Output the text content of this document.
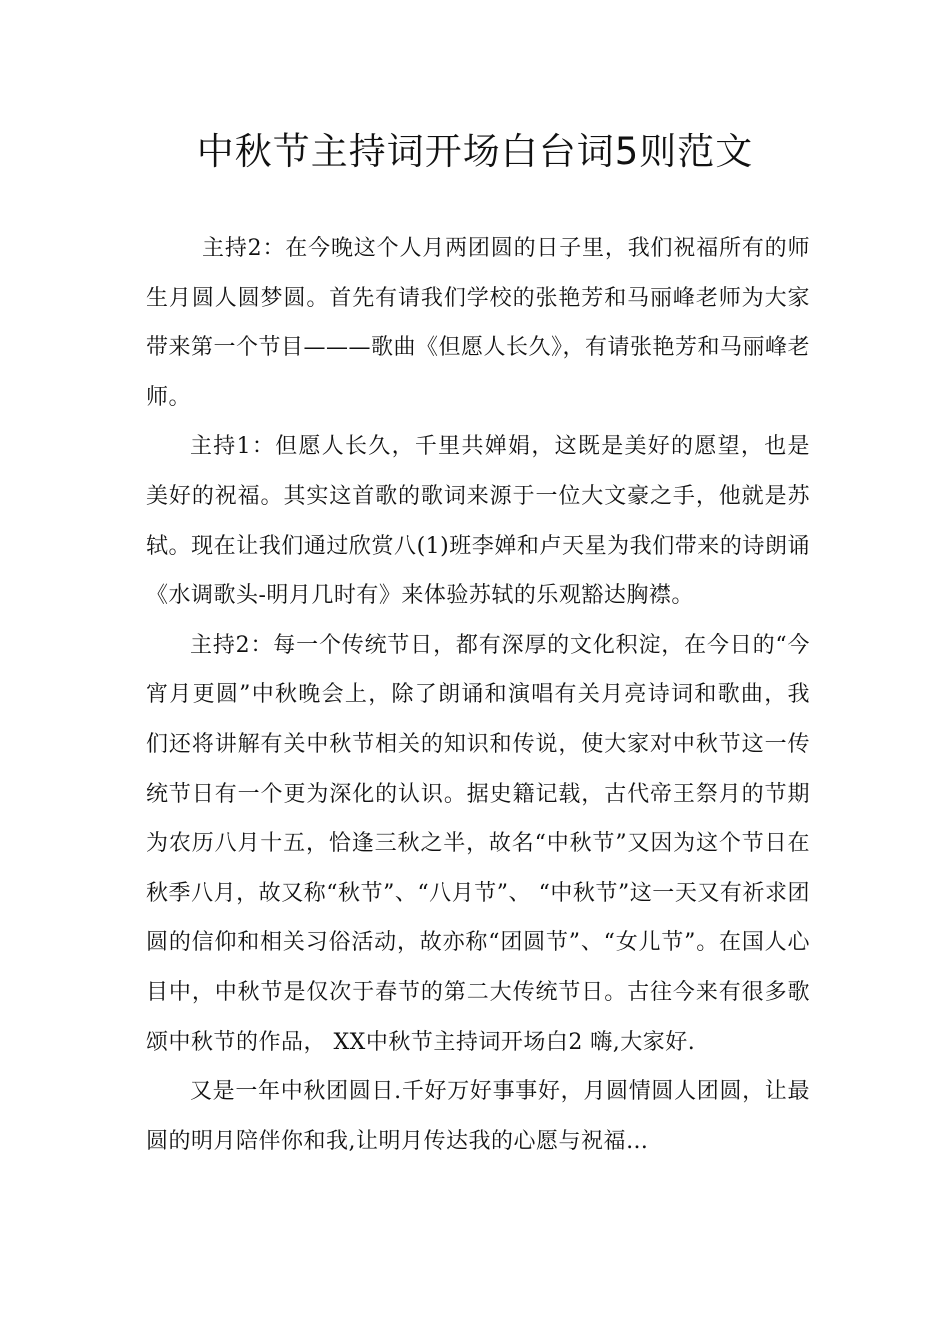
中秋节主持词开场白台词5则范文

主持2：在今晚这个人月两团圆的日子里，我们祝福所有的师生月圆人圆梦圆。首先有请我们学校的张艳芳和马丽峰老师为大家带来第一个节目———歌曲《但愿人长久》，有请张艳芳和马丽峰老师。

主持1：但愿人长久，千里共婵娟，这既是美好的愿望，也是美好的祝福。其实这首歌的歌词来源于一位大文豪之手，他就是苏轼。现在让我们通过欣赏八(1)班李婵和卢天星为我们带来的诗朗诵《水调歌头-明月几时有》来体验苏轼的乐观豁达胸襟。

主持2：每一个传统节日，都有深厚的文化积淀，在今日的“今宵月更圆”中秋晚会上，除了朗诵和演唱有关月亮诗词和歌曲，我们还将讲解有关中秋节相关的知识和传说，使大家对中秋节这一传统节日有一个更为深化的认识。据史籍记载，古代帝王祭月的节期为农历八月十五，恰逢三秋之半，故名“中秋节”又因为这个节日在秋季八月，故又称“秋节”、“八月节”、 “中秋节”这一天又有祈求团圆的信仰和相关习俗活动，故亦称“团圆节”、“女儿节”。在国人心目中，中秋节是仅次于春节的第二大传统节日。古往今来有很多歌颂中秋节的作品， XX中秋节主持词开场白2 嗨,大家好.

又是一年中秋团圆日.千好万好事事好，月圆情圆人团圆，让最圆的明月陪伴你和我,让明月传达我的心愿与祝福…
